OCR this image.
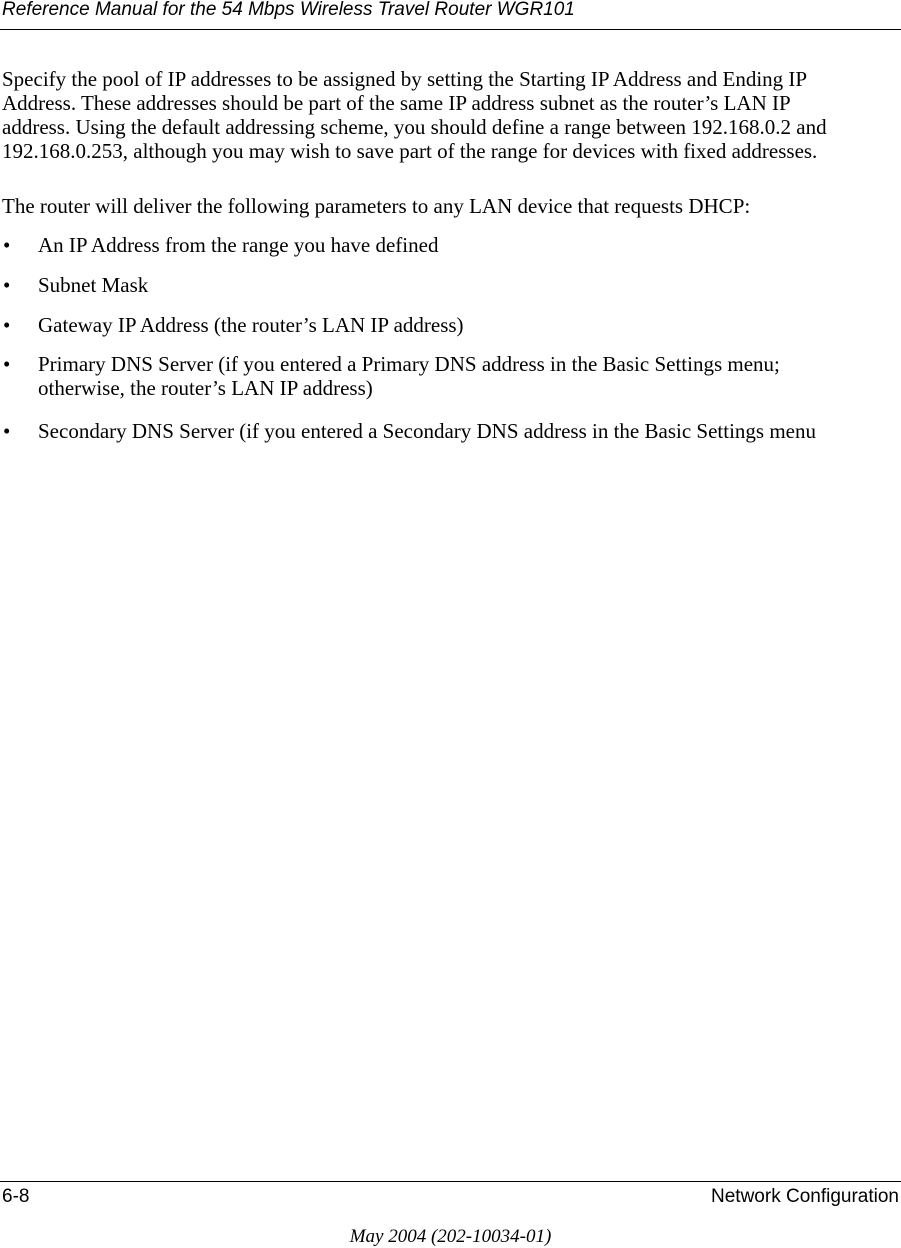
Reference Manual for the 54 Mbps Wireless Travel Router WGR101
Specify the pool of IP addresses to be assigned by setting the Starting IP Address and Ending IP
Address. These addresses should be part of the same IP address subnet as the router’s LAN IP
address. Using the default addressing scheme, you should define a range between 192.168.0.2 and
192.168.0.253, although you may wish to save part of the range for devices with fixed addresses.
The router will deliver the following parameters to any LAN device that requests DHCP:
• An IP Address from the range you have defined
• Subnet Mask
• Gateway IP Address (the router’s LAN IP address)
• Primary DNS Server (if you entered a Primary DNS address in the Basic Settings menu;
otherwise, the router’s LAN IP address)
• Secondary DNS Server (if you entered a Secondary DNS address in the Basic Settings menu
6-8	Network Configuration
May 2004 (202-10034-01)
